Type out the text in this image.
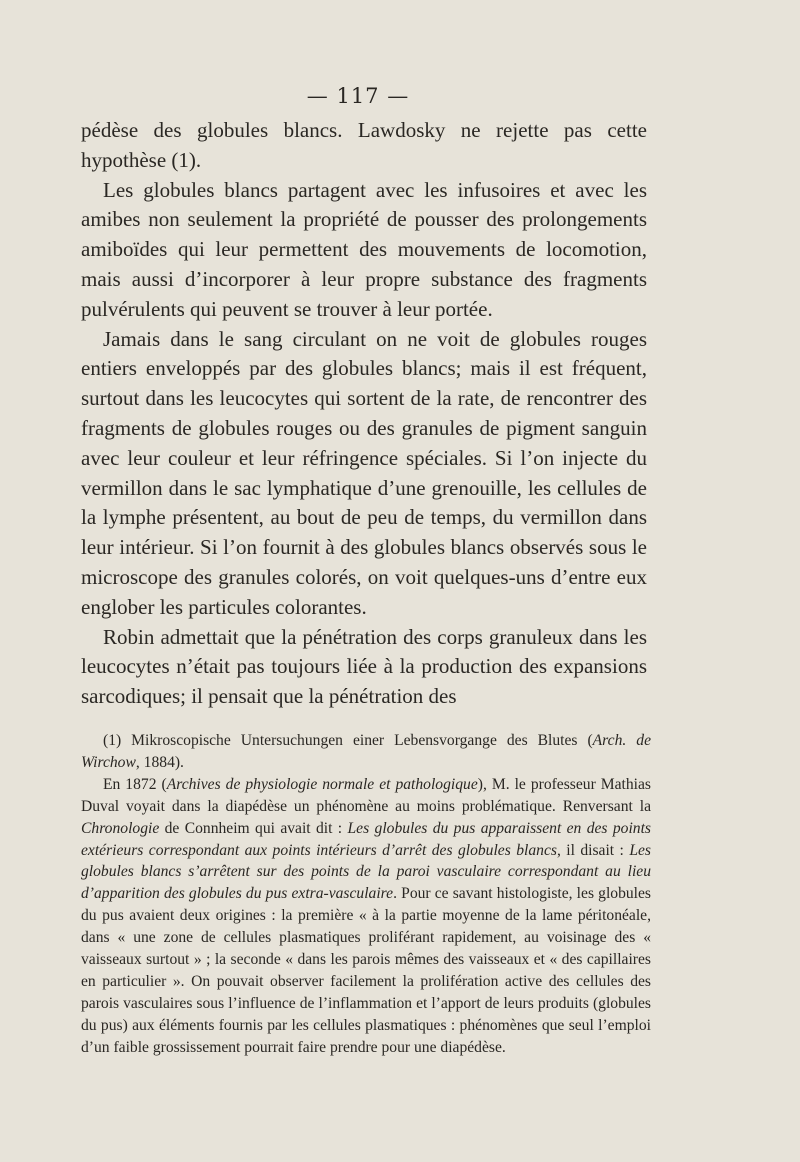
— 117 —

pédèse des globules blancs. Lawdosky ne rejette pas cette hypothèse (1).

Les globules blancs partagent avec les infusoires et avec les amibes non seulement la propriété de pousser des prolongements amiboïdes qui leur permettent des mouvements de locomotion, mais aussi d’incorporer à leur propre substance des fragments pulvérulents qui peuvent se trouver à leur portée.

Jamais dans le sang circulant on ne voit de globules rouges entiers enveloppés par des globules blancs; mais il est fréquent, surtout dans les leucocytes qui sortent de la rate, de rencontrer des fragments de globules rouges ou des granules de pigment sanguin avec leur couleur et leur réfringence spéciales. Si l’on injecte du vermillon dans le sac lymphatique d’une grenouille, les cellules de la lymphe présentent, au bout de peu de temps, du vermillon dans leur intérieur. Si l’on fournit à des globules blancs observés sous le microscope des granules colorés, on voit quelques-uns d’entre eux englober les particules colorantes.

Robin admettait que la pénétration des corps granuleux dans les leucocytes n’était pas toujours liée à la production des expansions sarcodiques; il pensait que la pénétration des

(1) Mikroscopische Untersuchungen einer Lebensvorgange des Blutes (Arch. de Wirchow, 1884).

En 1872 (Archives de physiologie normale et pathologique), M. le professeur Mathias Duval voyait dans la diapédèse un phénomène au moins problématique. Renversant la Chronologie de Connheim qui avait dit : Les globules du pus apparaissent en des points extérieurs correspondant aux points intérieurs d’arrêt des globules blancs, il disait : Les globules blancs s’arrêtent sur des points de la paroi vasculaire correspondant au lieu d’apparition des globules du pus extra-vasculaire. Pour ce savant histologiste, les globules du pus avaient deux origines : la première « à la partie moyenne de la lame péritonéale, dans « une zone de cellules plasmatiques proliférant rapidement, au voisinage des « vaisseaux surtout » ; la seconde « dans les parois mêmes des vaisseaux et « des capillaires en particulier ». On pouvait observer facilement la prolifération active des cellules des parois vasculaires sous l’influence de l’inflammation et l’apport de leurs produits (globules du pus) aux éléments fournis par les cellules plasmatiques : phénomènes que seul l’emploi d’un faible grossissement pourrait faire prendre pour une diapédèse.
